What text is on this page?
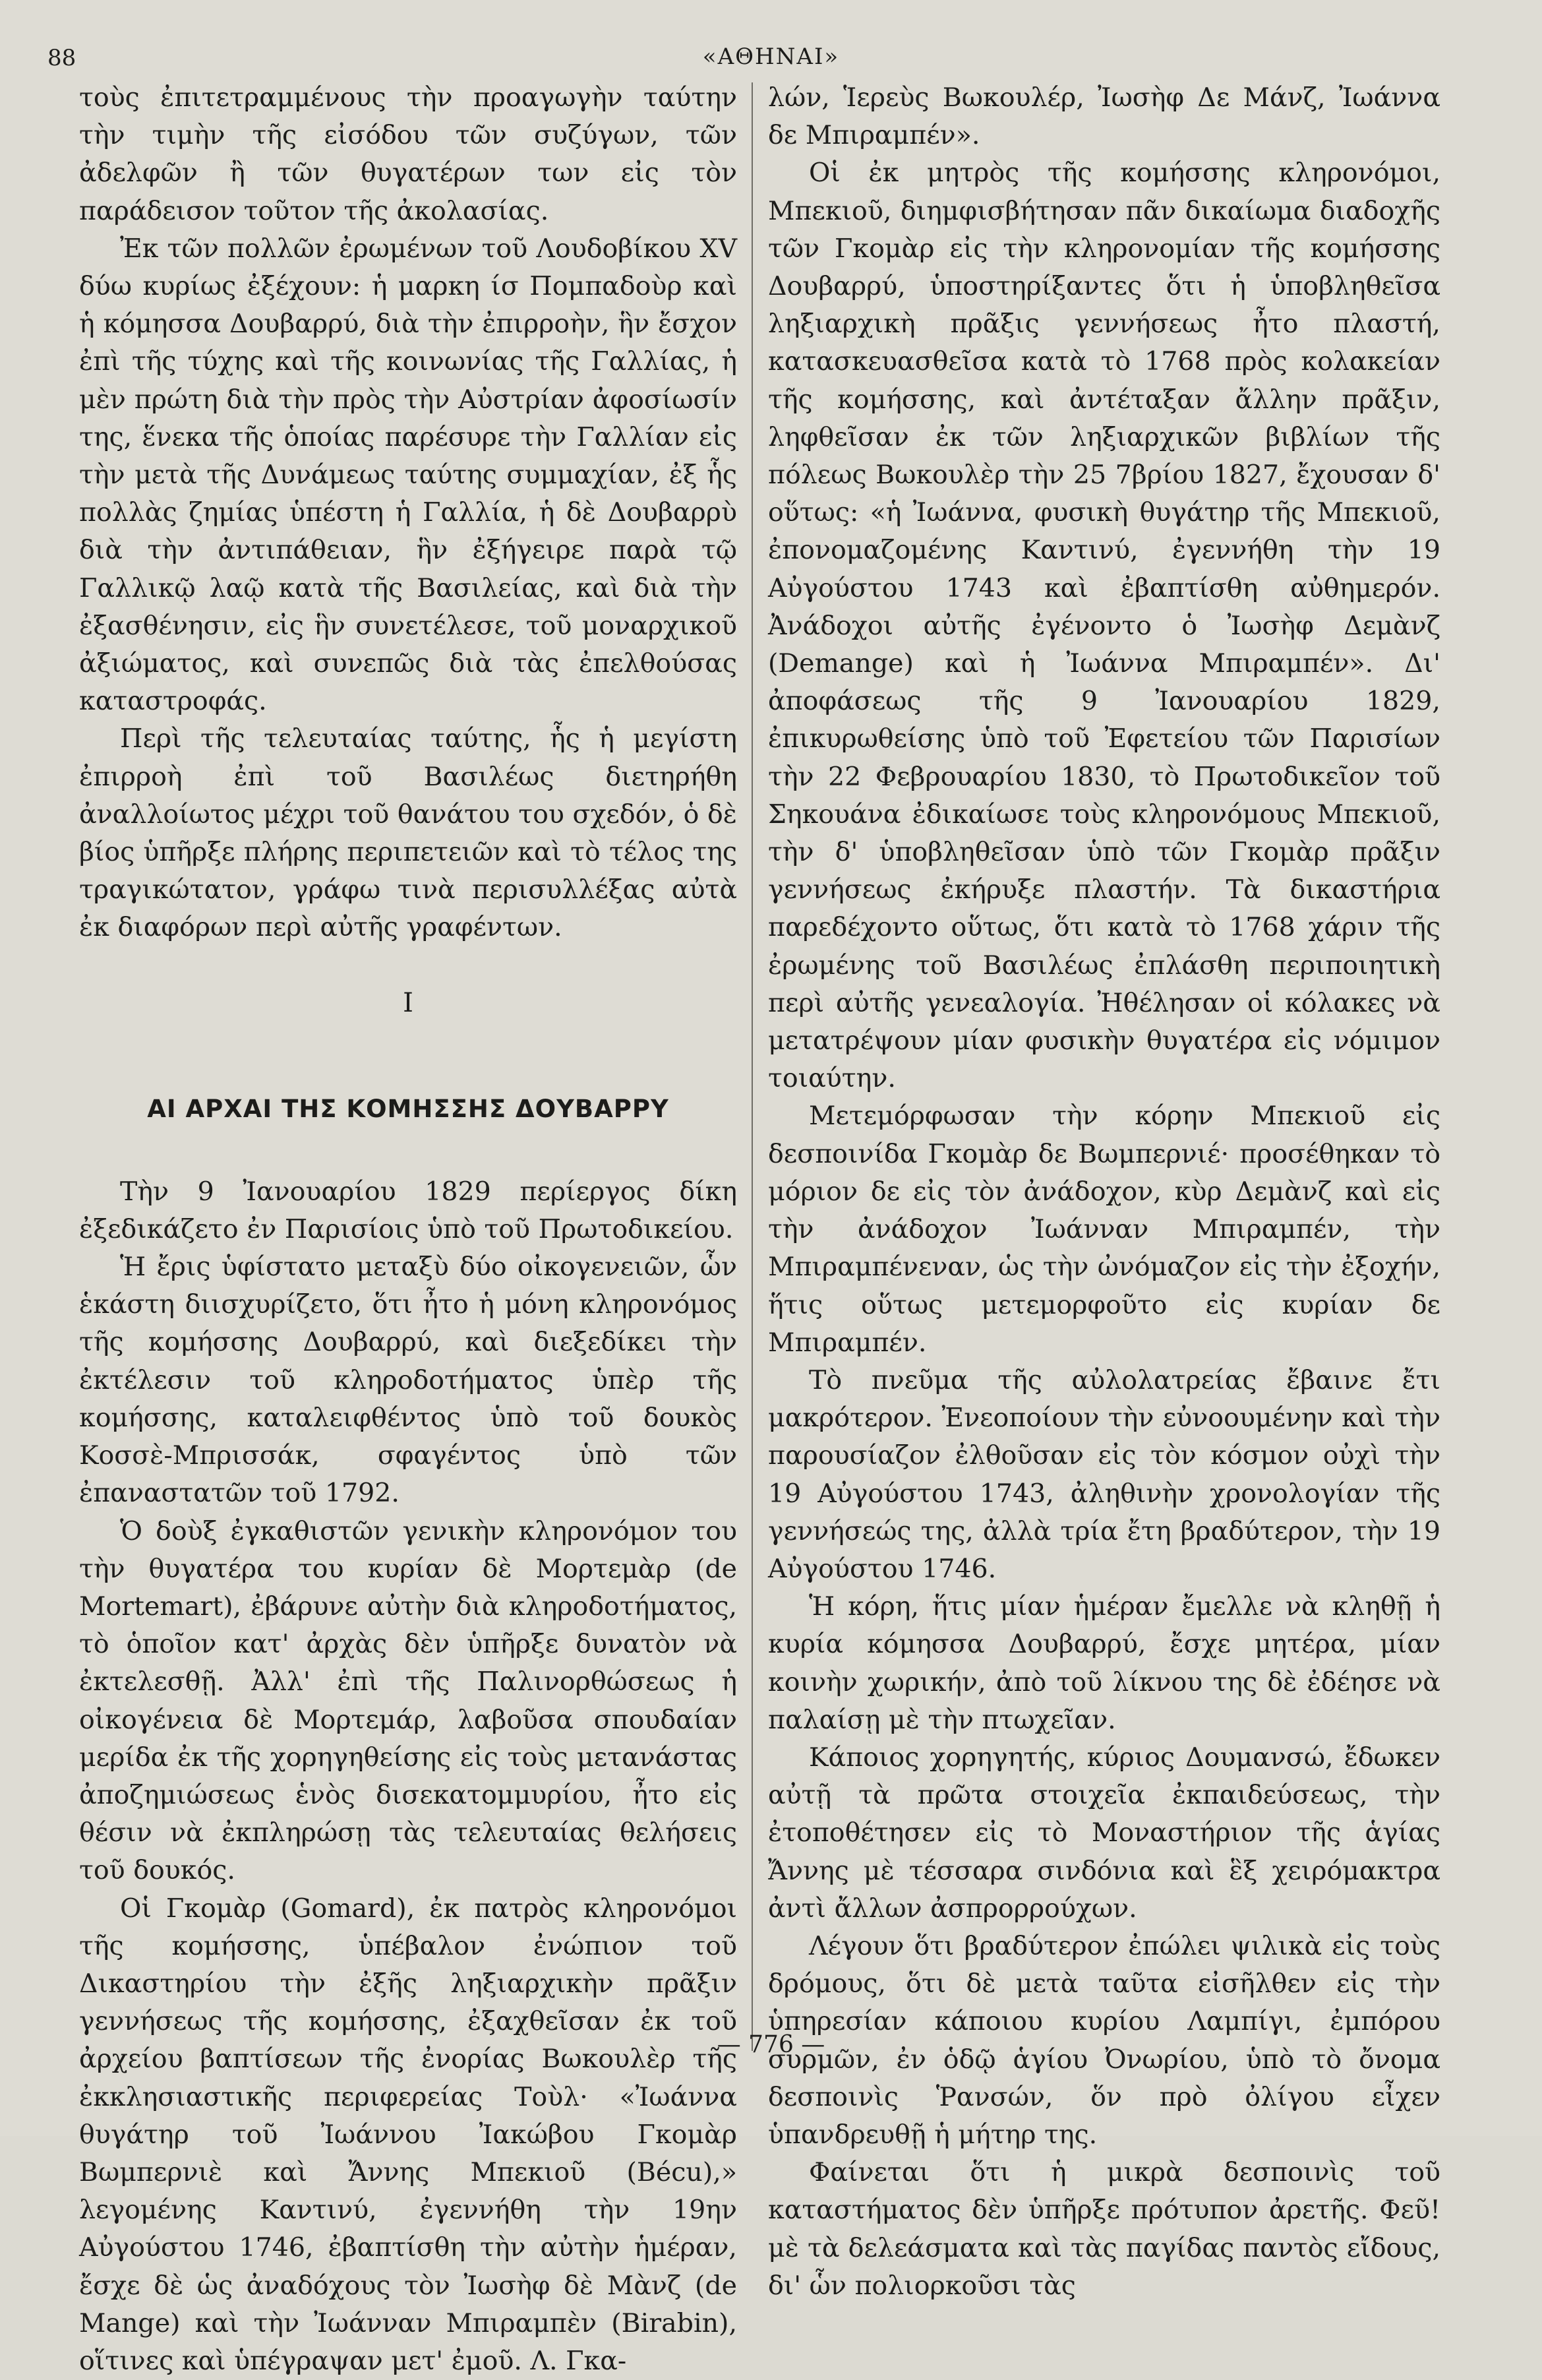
88	«ΑΘΗΝΑΙ»

τοὺς ἐπιτετραμμένους τὴν προαγωγὴν ταύτην τὴν τιμὴν τῆς εἰσόδου τῶν συζύγων, τῶν ἀδελφῶν ἢ τῶν θυγατέρων των εἰς τὸν παράδεισον τοῦτον τῆς ἀκολασίας.

Ἐκ τῶν πολλῶν ἐρωμένων τοῦ Λουδοβίκου XV δύω κυρίως ἐξέχουν: ἡ μαρκη ίσ Πομπαδοὺρ καὶ ἡ κόμησσα Δουβαρρύ, διὰ τὴν ἐπιρροὴν, ἣν ἔσχον ἐπὶ τῆς τύχης καὶ τῆς κοινωνίας τῆς Γαλλίας, ἡ μὲν πρώτη διὰ τὴν πρὸς τὴν Αὐστρίαν ἀφοσίωσίν της, ἕνεκα τῆς ὁποίας παρέσυρε τὴν Γαλλίαν εἰς τὴν μετὰ τῆς Δυνάμεως ταύτης συμμαχίαν, ἐξ ἧς πολλὰς ζημίας ὑπέστη ἡ Γαλλία, ἡ δὲ Δουβαρρὺ διὰ τὴν ἀντιπάθειαν, ἣν ἐξήγειρε παρὰ τῷ Γαλλικῷ λαῷ κατὰ τῆς Βασιλείας, καὶ διὰ τὴν ἐξασθένησιν, εἰς ἣν συνετέλεσε, τοῦ μοναρχικοῦ ἀξιώματος, καὶ συνεπῶς διὰ τὰς ἐπελθούσας καταστροφάς.

Περὶ τῆς τελευταίας ταύτης, ἧς ἡ μεγίστη ἐπιρροὴ ἐπὶ τοῦ Βασιλέως διετηρήθη ἀναλλοίωτος μέχρι τοῦ θανάτου του σχεδόν, ὁ δὲ βίος ὑπῆρξε πλήρης περιπετειῶν καὶ τὸ τέλος της τραγικώτατον, γράφω τινὰ περισυλλέξας αὐτὰ ἐκ διαφόρων περὶ αὐτῆς γραφέντων.

Ι

ΑΙ ΑΡΧΑΙ ΤΗΣ ΚΟΜΗΣΣΗΣ ΔΟΥΒΑΡΡΥ

Τὴν 9 Ἰανουαρίου 1829 περίεργος δίκη ἐξεδικάζετο ἐν Παρισίοις ὑπὸ τοῦ Πρωτοδικείου.

Ἡ ἔρις ὑφίστατο μεταξὺ δύο οἰκογενειῶν, ὧν ἑκάστη διισχυρίζετο, ὅτι ἦτο ἡ μόνη κληρονόμος τῆς κομήσσης Δουβαρρύ, καὶ διεξεδίκει τὴν ἐκτέλεσιν τοῦ κληροδοτήματος ὑπὲρ τῆς κομήσσης, καταλειφθέντος ὑπὸ τοῦ δουκὸς Κοσσὲ-Μπρισσάκ, σφαγέντος ὑπὸ τῶν ἐπαναστατῶν τοῦ 1792.

Ὁ δοὺξ ἐγκαθιστῶν γενικὴν κληρονόμον του τὴν θυγατέρα του κυρίαν δὲ Μορτεμὰρ (de Mortemart), ἐβάρυνε αὐτὴν διὰ κληροδοτήματος, τὸ ὁποῖον κατ' ἀρχὰς δὲν ὑπῆρξε δυνατὸν νὰ ἐκτελεσθῇ. Ἀλλ' ἐπὶ τῆς Παλινορθώσεως ἡ οἰκογένεια δὲ Μορτεμάρ, λαβοῦσα σπουδαίαν μερίδα ἐκ τῆς χορηγηθείσης εἰς τοὺς μετανάστας ἀποζημιώσεως ἑνὸς δισεκατομμυρίου, ἦτο εἰς θέσιν νὰ ἐκπληρώσῃ τὰς τελευταίας θελήσεις τοῦ δουκός.

Οἱ Γκομὰρ (Gomard), ἐκ πατρὸς κληρονόμοι τῆς κομήσσης, ὑπέβαλον ἐνώπιον τοῦ Δικαστηρίου τὴν ἐξῆς ληξιαρχικὴν πρᾶξιν γεννήσεως τῆς κομήσσης, ἐξαχθεῖσαν ἐκ τοῦ ἀρχείου βαπτίσεων τῆς ἐνορίας Βωκουλὲρ τῆς ἐκκλησιαστικῆς περιφερείας Τοὺλ· «Ἰωάννα θυγάτηρ τοῦ Ἰωάννου Ἰακώβου Γκομὰρ Βωμπερνιὲ καὶ Ἄννης Μπεκιοῦ (Bécu),» λεγομένης Καντινύ, ἐγεννήθη τὴν 19ην Αὐγούστου 1746, ἐβαπτίσθη τὴν αὐτὴν ἡμέραν, ἔσχε δὲ ὡς ἀναδόχους τὸν Ἰωσὴφ δὲ Μὰνζ (de Mange) καὶ τὴν Ἰωάνναν Μπιραμπὲν (Birabin), οἵτινες καὶ ὑπέγραψαν μετ' ἐμοῦ. Λ. Γκα-

λών, Ἱερεὺς Βωκουλέρ, Ἰωσὴφ Δε Μάνζ, Ἰωάννα δε Μπιραμπέν».

Οἱ ἐκ μητρὸς τῆς κομήσσης κληρονόμοι, Μπεκιοῦ, διημφισβήτησαν πᾶν δικαίωμα διαδοχῆς τῶν Γκομὰρ εἰς τὴν κληρονομίαν τῆς κομήσσης Δουβαρρύ, ὑποστηρίξαντες ὅτι ἡ ὑποβληθεῖσα ληξιαρχικὴ πρᾶξις γεννήσεως ἦτο πλαστή, κατασκευασθεῖσα κατὰ τὸ 1768 πρὸς κολακείαν τῆς κομήσσης, καὶ ἀντέταξαν ἄλλην πρᾶξιν, ληφθεῖσαν ἐκ τῶν ληξιαρχικῶν βιβλίων τῆς πόλεως Βωκουλὲρ τὴν 25 7βρίου 1827, ἔχουσαν δ' οὕτως: «ἡ Ἰωάννα, φυσικὴ θυγάτηρ τῆς Μπεκιοῦ, ἐπονομαζομένης Καντινύ, ἐγεννήθη τὴν 19 Αὐγούστου 1743 καὶ ἐβαπτίσθη αὐθημερόν. Ἀνάδοχοι αὐτῆς ἐγένοντο ὁ Ἰωσὴφ Δεμὰνζ (Demange) καὶ ἡ Ἰωάννα Μπιραμπέν». Δι' ἀποφάσεως τῆς 9 Ἰανουαρίου 1829, ἐπικυρωθείσης ὑπὸ τοῦ Ἐφετείου τῶν Παρισίων τὴν 22 Φεβρουαρίου 1830, τὸ Πρωτοδικεῖον τοῦ Σηκουάνα ἐδικαίωσε τοὺς κληρονόμους Μπεκιοῦ, τὴν δ' ὑποβληθεῖσαν ὑπὸ τῶν Γκομὰρ πρᾶξιν γεννήσεως ἐκήρυξε πλαστήν. Τὰ δικαστήρια παρεδέχοντο οὕτως, ὅτι κατὰ τὸ 1768 χάριν τῆς ἐρωμένης τοῦ Βασιλέως ἐπλάσθη περιποιητικὴ περὶ αὐτῆς γενεαλογία. Ἠθέλησαν οἱ κόλακες νὰ μετατρέψουν μίαν φυσικὴν θυγατέρα εἰς νόμιμον τοιαύτην.

Μετεμόρφωσαν τὴν κόρην Μπεκιοῦ εἰς δεσποινίδα Γκομὰρ δε Βωμπερνιέ· προσέθηκαν τὸ μόριον δε εἰς τὸν ἀνάδοχον, κὺρ Δεμὰνζ καὶ εἰς τὴν ἀνάδοχον Ἰωάνναν Μπιραμπέν, τὴν Μπιραμπένεναν, ὡς τὴν ὠνόμαζον εἰς τὴν ἐξοχήν, ἥτις οὕτως μετεμορφοῦτο εἰς κυρίαν δε Μπιραμπέν.

Τὸ πνεῦμα τῆς αὐλολατρείας ἔβαινε ἔτι μακρότερον. Ἐνεοποίουν τὴν εὐνοουμένην καὶ τὴν παρουσίαζον ἐλθοῦσαν εἰς τὸν κόσμον οὐχὶ τὴν 19 Αὐγούστου 1743, ἀληθινὴν χρονολογίαν τῆς γεννήσεώς της, ἀλλὰ τρία ἔτη βραδύτερον, τὴν 19 Αὐγούστου 1746.

Ἡ κόρη, ἥτις μίαν ἡμέραν ἔμελλε νὰ κληθῇ ἡ κυρία κόμησσα Δουβαρρύ, ἔσχε μητέρα, μίαν κοινὴν χωρικήν, ἀπὸ τοῦ λίκνου της δὲ ἐδέησε νὰ παλαίσῃ μὲ τὴν πτωχεῖαν.

Κάποιος χορηγητής, κύριος Δουμανσώ, ἔδωκεν αὐτῇ τὰ πρῶτα στοιχεῖα ἐκπαιδεύσεως, τὴν ἐτοποθέτησεν εἰς τὸ Μοναστήριον τῆς ἁγίας Ἄννης μὲ τέσσαρα σινδόνια καὶ ἓξ χειρόμακτρα ἀντὶ ἄλλων ἀσπρορρούχων.

Λέγουν ὅτι βραδύτερον ἐπώλει ψιλικὰ εἰς τοὺς δρόμους, ὅτι δὲ μετὰ ταῦτα εἰσῆλθεν εἰς τὴν ὑπηρεσίαν κάποιου κυρίου Λαμπίγι, ἐμπόρου συρμῶν, ἐν ὁδῷ ἁγίου Ὀνωρίου, ὑπὸ τὸ ὄνομα δεσποινὶς Ῥανσών, ὅν πρὸ ὀλίγου εἶχεν ὑπανδρευθῇ ἡ μήτηρ της.

Φαίνεται ὅτι ἡ μικρὰ δεσποινὶς τοῦ καταστήματος δὲν ὑπῆρξε πρότυπον ἀρετῆς. Φεῦ! μὲ τὰ δελεάσματα καὶ τὰς παγίδας παντὸς εἴδους, δι' ὧν πολιορκοῦσι τὰς

— 776 —
